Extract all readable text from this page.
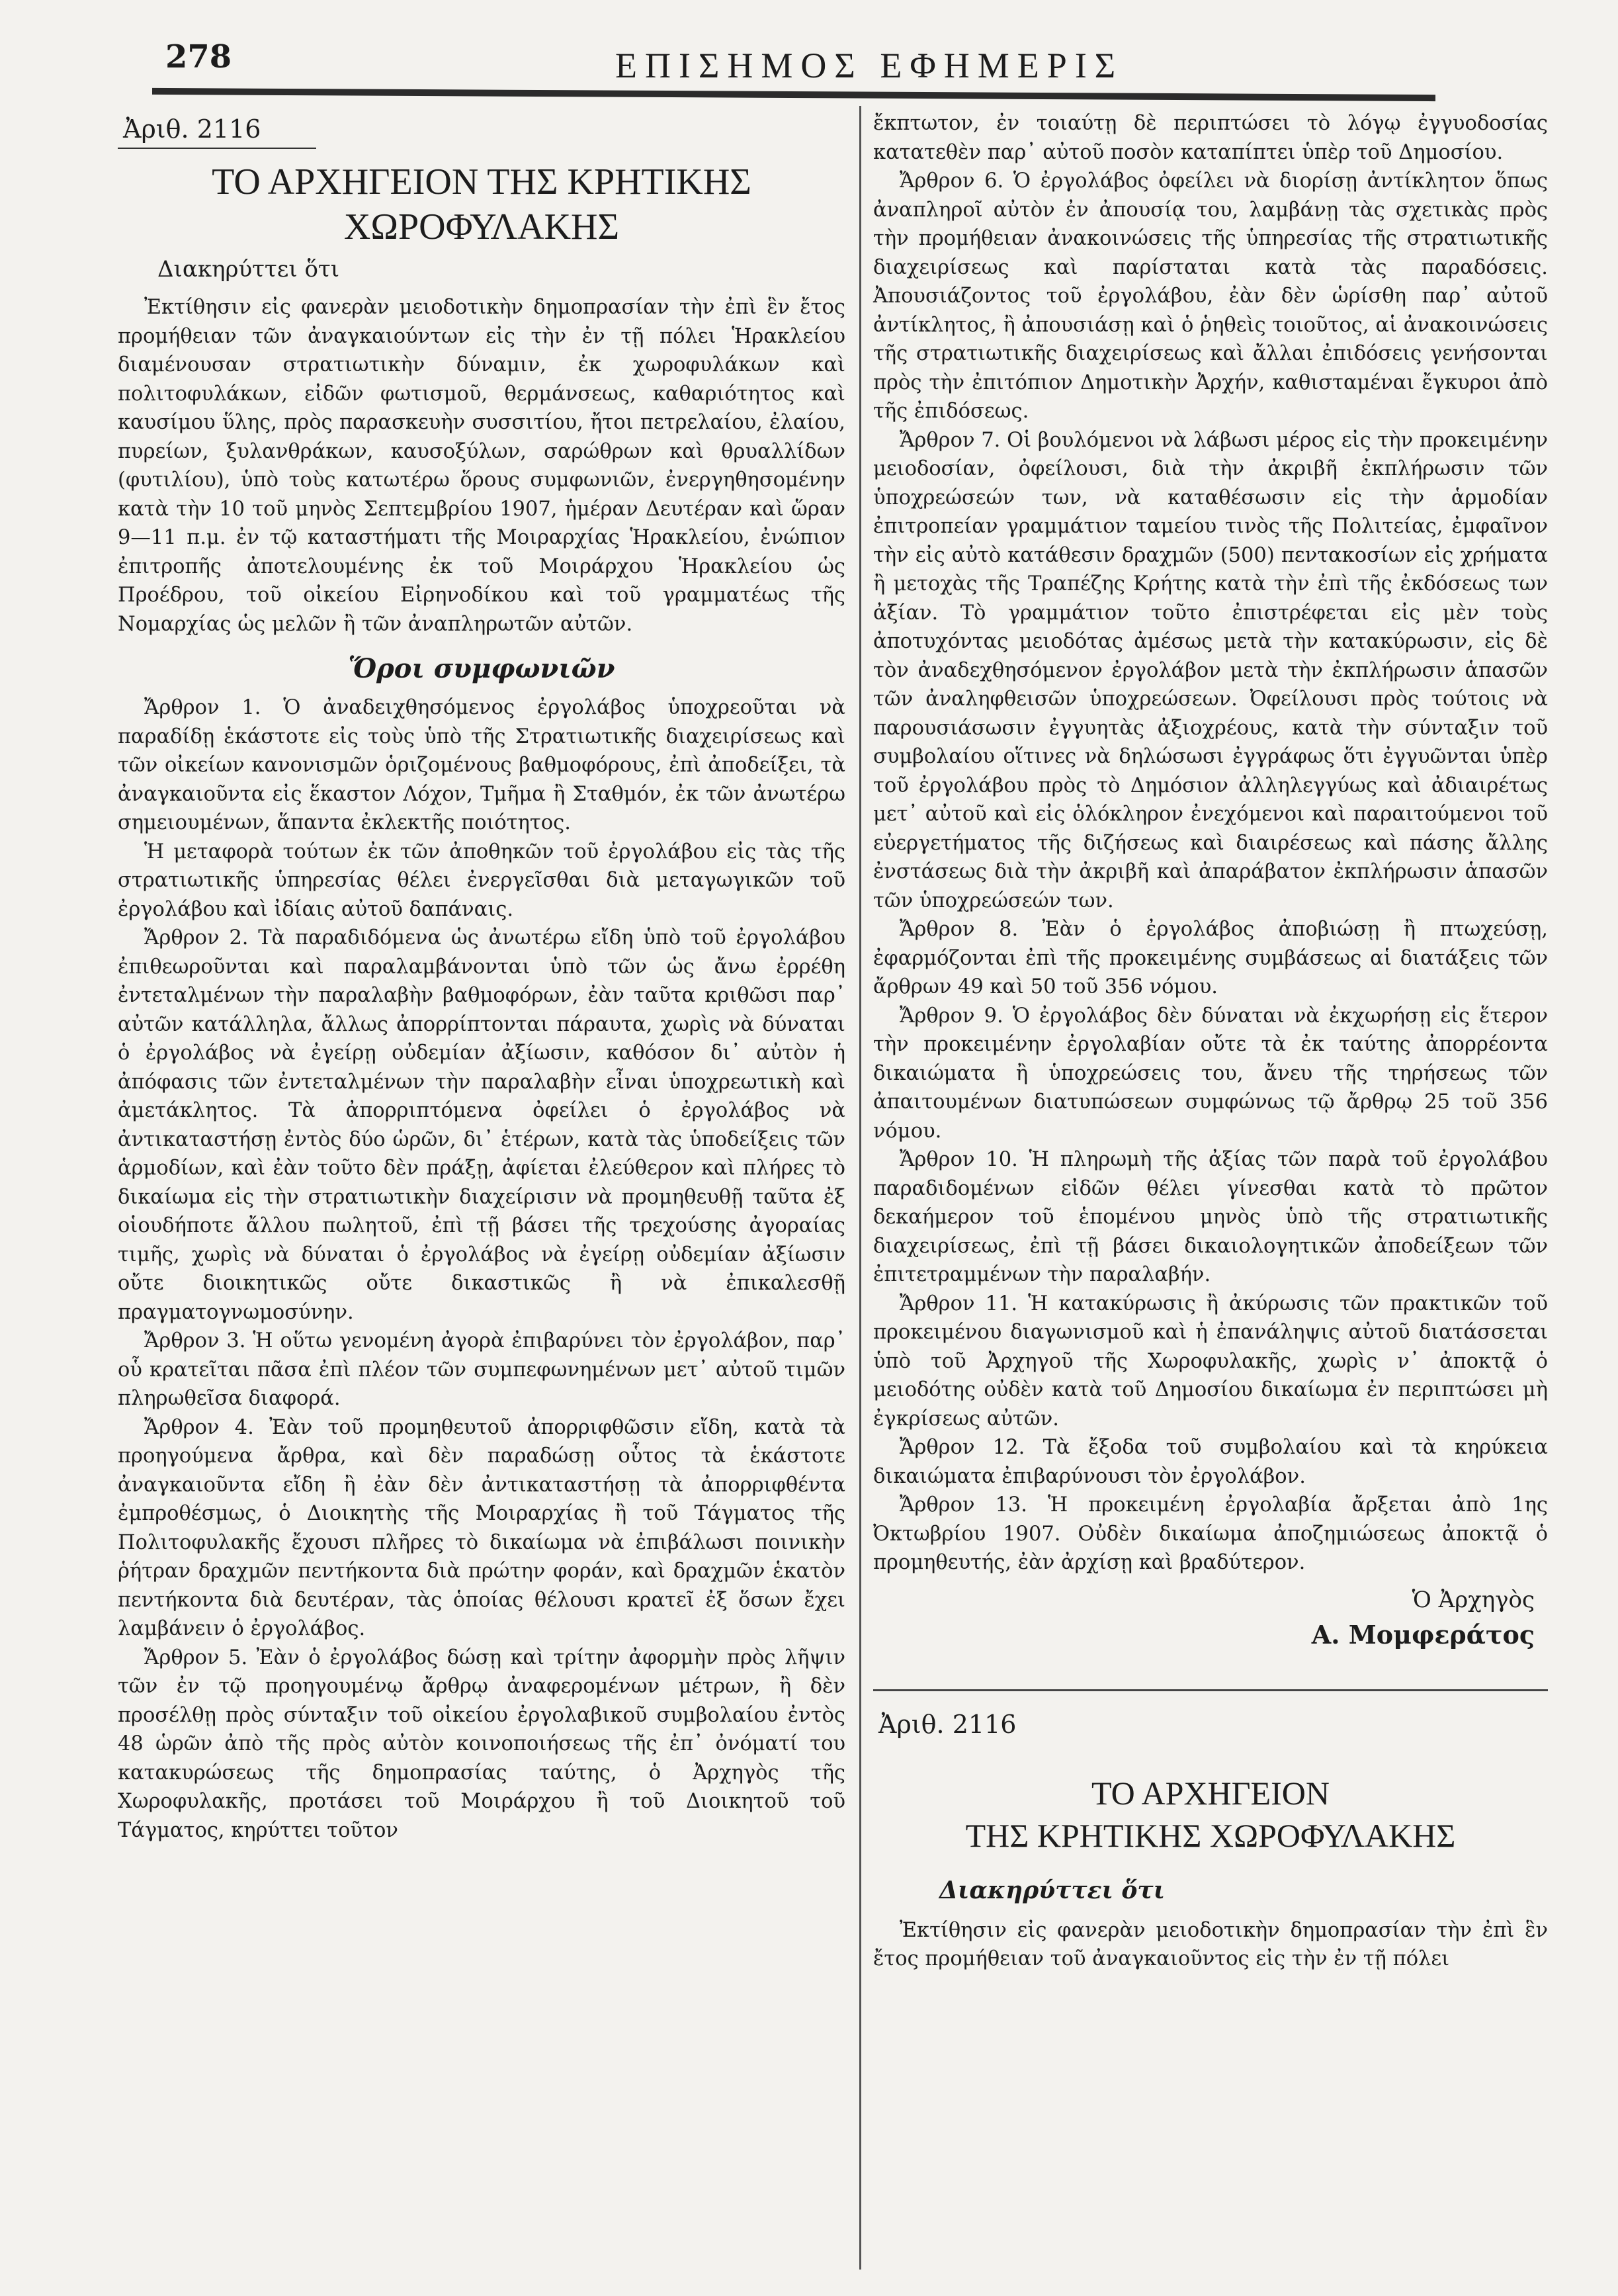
278	ΕΠΙΣΗΜΟΣ ΕΦΗΜΕΡΙΣ
Ἀριθ. 2116
ΤΟ ΑΡΧΗΓΕΙΟΝ ΤΗΣ ΚΡΗΤΙΚΗΣ
ΧΩΡΟΦΥΛΑΚΗΣ
Διακηρύττει ὅτι

Ἐκτίθησιν εἰς φανερὰν μειοδοτικὴν δημοπρασίαν τὴν ἐπὶ ἓν ἔτος προμήθειαν τῶν ἀναγκαιούντων εἰς τὴν ἐν τῇ πόλει Ἡρακλείου διαμένουσαν στρατιωτικὴν δύναμιν, ἐκ χωροφυλάκων καὶ πολιτοφυλάκων, εἰδῶν φωτισμοῦ, θερμάνσεως, καθαριότητος καὶ καυσίμου ὕλης, πρὸς παρασκευὴν συσσιτίου, ἤτοι πετρελαίου, ἐλαίου, πυρείων, ξυλανθράκων, καυσοξύλων, σαρώθρων καὶ θρυαλλίδων (φυτιλίου), ὑπὸ τοὺς κατωτέρω ὅρους συμφωνιῶν, ἐνεργηθησομένην κατὰ τὴν 10 τοῦ μηνὸς Σεπτεμβρίου 1907, ἡμέραν Δευτέραν καὶ ὥραν 9—11 π.μ. ἐν τῷ καταστήματι τῆς Μοιραρχίας Ἡρακλείου, ἐνώπιον ἐπιτροπῆς ἀποτελουμένης ἐκ τοῦ Μοιράρχου Ἡρακλείου ὡς Προέδρου, τοῦ οἰκείου Εἰρηνοδίκου καὶ τοῦ γραμματέως τῆς Νομαρχίας ὡς μελῶν ἢ τῶν ἀναπληρωτῶν αὐτῶν.

Ὅροι συμφωνιῶν

Ἄρθρον 1. Ὁ ἀναδειχθησόμενος ἐργολάβος ὑποχρεοῦται νὰ παραδίδῃ ἑκάστοτε εἰς τοὺς ὑπὸ τῆς Στρατιωτικῆς διαχειρίσεως καὶ τῶν οἰκείων κανονισμῶν ὁριζομένους βαθμοφόρους, ἐπὶ ἀποδείξει, τὰ ἀναγκαιοῦντα εἰς ἕκαστον Λόχον, Τμῆμα ἢ Σταθμόν, ἐκ τῶν ἀνωτέρω σημειουμένων, ἅπαντα ἐκλεκτῆς ποιότητος.

Ἡ μεταφορὰ τούτων ἐκ τῶν ἀποθηκῶν τοῦ ἐργολάβου εἰς τὰς τῆς στρατιωτικῆς ὑπηρεσίας θέλει ἐνεργεῖσθαι διὰ μεταγωγικῶν τοῦ ἐργολάβου καὶ ἰδίαις αὐτοῦ δαπάναις.

Ἄρθρον 2. Τὰ παραδιδόμενα ὡς ἀνωτέρω εἴδη ὑπὸ τοῦ ἐργολάβου ἐπιθεωροῦνται καὶ παραλαμβάνονται ὑπὸ τῶν ὡς ἄνω ἐρρέθη ἐντεταλμένων τὴν παραλαβὴν βαθμοφόρων, ἐὰν ταῦτα κριθῶσι παρ᾽ αὐτῶν κατάλληλα, ἄλλως ἀπορρίπτονται πάραυτα, χωρὶς νὰ δύναται ὁ ἐργολάβος νὰ ἐγείρῃ οὐδεμίαν ἀξίωσιν, καθόσον δι᾽ αὐτὸν ἡ ἀπόφασις τῶν ἐντεταλμένων τὴν παραλαβὴν εἶναι ὑποχρεωτικὴ καὶ ἀμετάκλητος. Τὰ ἀπορριπτόμενα ὀφείλει ὁ ἐργολάβος νὰ ἀντικαταστήσῃ ἐντὸς δύο ὡρῶν, δι᾽ ἑτέρων, κατὰ τὰς ὑποδείξεις τῶν ἁρμοδίων, καὶ ἐὰν τοῦτο δὲν πράξῃ, ἀφίεται ἐλεύθερον καὶ πλήρες τὸ δικαίωμα εἰς τὴν στρατιωτικὴν διαχείρισιν νὰ προμηθευθῇ ταῦτα ἐξ οἱουδήποτε ἄλλου πωλητοῦ, ἐπὶ τῇ βάσει τῆς τρεχούσης ἀγοραίας τιμῆς, χωρὶς νὰ δύναται ὁ ἐργολάβος νὰ ἐγείρῃ οὐδεμίαν ἀξίωσιν οὔτε διοικητικῶς οὔτε δικαστικῶς ἢ νὰ ἐπικαλεσθῇ πραγματογνωμοσύνην.

Ἄρθρον 3. Ἡ οὕτω γενομένη ἀγορὰ ἐπιβαρύνει τὸν ἐργολάβον, παρ᾽ οὗ κρατεῖται πᾶσα ἐπὶ πλέον τῶν συμπεφωνημένων μετ᾽ αὐτοῦ τιμῶν πληρωθεῖσα διαφορά.

Ἄρθρον 4. Ἐὰν τοῦ προμηθευτοῦ ἀπορριφθῶσιν εἴδη, κατὰ τὰ προηγούμενα ἄρθρα, καὶ δὲν παραδώσῃ οὗτος τὰ ἑκάστοτε ἀναγκαιοῦντα εἴδη ἢ ἐὰν δὲν ἀντικαταστήσῃ τὰ ἀπορριφθέντα ἐμπροθέσμως, ὁ Διοικητὴς τῆς Μοιραρχίας ἢ τοῦ Τάγματος τῆς Πολιτοφυλακῆς ἔχουσι πλῆρες τὸ δικαίωμα νὰ ἐπιβάλωσι ποινικὴν ῥήτραν δραχμῶν πεντήκοντα διὰ πρώτην φοράν, καὶ δραχμῶν ἑκατὸν πεντήκοντα διὰ δευτέραν, τὰς ὁποίας θέλουσι κρατεῖ ἐξ ὅσων ἔχει λαμβάνειν ὁ ἐργολάβος.

Ἄρθρον 5. Ἐὰν ὁ ἐργολάβος δώσῃ καὶ τρίτην ἀφορμὴν πρὸς λῆψιν τῶν ἐν τῷ προηγουμένῳ ἄρθρῳ ἀναφερομένων μέτρων, ἢ δὲν προσέλθῃ πρὸς σύνταξιν τοῦ οἰκείου ἐργολαβικοῦ συμβολαίου ἐντὸς 48 ὡρῶν ἀπὸ τῆς πρὸς αὐτὸν κοινοποιήσεως τῆς ἐπ᾽ ὀνόματί του κατακυρώσεως τῆς δημοπρασίας ταύτης, ὁ Ἀρχηγὸς τῆς Χωροφυλακῆς, προτάσει τοῦ Μοιράρχου ἢ τοῦ Διοικητοῦ τοῦ Τάγματος, κηρύττει τοῦτον

ἔκπτωτον, ἐν τοιαύτῃ δὲ περιπτώσει τὸ λόγῳ ἐγγυοδοσίας κατατεθὲν παρ᾽ αὐτοῦ ποσὸν καταπίπτει ὑπὲρ τοῦ Δημοσίου.

Ἄρθρον 6. Ὁ ἐργολάβος ὀφείλει νὰ διορίσῃ ἀντίκλητον ὅπως ἀναπληροῖ αὐτὸν ἐν ἀπουσίᾳ του, λαμβάνῃ τὰς σχετικὰς πρὸς τὴν προμήθειαν ἀνακοινώσεις τῆς ὑπηρεσίας τῆς στρατιωτικῆς διαχειρίσεως καὶ παρίσταται κατὰ τὰς παραδόσεις. Ἀπουσιάζοντος τοῦ ἐργολάβου, ἐὰν δὲν ὡρίσθη παρ᾽ αὐτοῦ ἀντίκλητος, ἢ ἀπουσιάσῃ καὶ ὁ ῥηθεὶς τοιοῦτος, αἱ ἀνακοινώσεις τῆς στρατιωτικῆς διαχειρίσεως καὶ ἄλλαι ἐπιδόσεις γενήσονται πρὸς τὴν ἐπιτόπιον Δημοτικὴν Ἀρχήν, καθισταμέναι ἔγκυροι ἀπὸ τῆς ἐπιδόσεως.

Ἄρθρον 7. Οἱ βουλόμενοι νὰ λάβωσι μέρος εἰς τὴν προκειμένην μειοδοσίαν, ὀφείλουσι, διὰ τὴν ἀκριβῆ ἐκπλήρωσιν τῶν ὑποχρεώσεών των, νὰ καταθέσωσιν εἰς τὴν ἁρμοδίαν ἐπιτροπείαν γραμμάτιον ταμείου τινὸς τῆς Πολιτείας, ἐμφαῖνον τὴν εἰς αὐτὸ κατάθεσιν δραχμῶν (500) πεντακοσίων εἰς χρήματα ἢ μετοχὰς τῆς Τραπέζης Κρήτης κατὰ τὴν ἐπὶ τῆς ἐκδόσεως των ἀξίαν. Τὸ γραμμάτιον τοῦτο ἐπιστρέφεται εἰς μὲν τοὺς ἀποτυχόντας μειοδότας ἀμέσως μετὰ τὴν κατακύρωσιν, εἰς δὲ τὸν ἀναδεχθησόμενον ἐργολάβον μετὰ τὴν ἐκπλήρωσιν ἁπασῶν τῶν ἀναληφθεισῶν ὑποχρεώσεων. Ὀφείλουσι πρὸς τούτοις νὰ παρουσιάσωσιν ἐγγυητὰς ἀξιοχρέους, κατὰ τὴν σύνταξιν τοῦ συμβολαίου οἵτινες νὰ δηλώσωσι ἐγγράφως ὅτι ἐγγυῶνται ὑπὲρ τοῦ ἐργολάβου πρὸς τὸ Δημόσιον ἀλληλεγγύως καὶ ἀδιαιρέτως μετ᾽ αὐτοῦ καὶ εἰς ὁλόκληρον ἐνεχόμενοι καὶ παραιτούμενοι τοῦ εὐεργετήματος τῆς διζήσεως καὶ διαιρέσεως καὶ πάσης ἄλλης ἐνστάσεως διὰ τὴν ἀκριβῆ καὶ ἀπαράβατον ἐκπλήρωσιν ἁπασῶν τῶν ὑποχρεώσεών των.

Ἄρθρον 8. Ἐὰν ὁ ἐργολάβος ἀποβιώσῃ ἢ πτωχεύσῃ, ἐφαρμόζονται ἐπὶ τῆς προκειμένης συμβάσεως αἱ διατάξεις τῶν ἄρθρων 49 καὶ 50 τοῦ 356 νόμου.

Ἄρθρον 9. Ὁ ἐργολάβος δὲν δύναται νὰ ἐκχωρήσῃ εἰς ἕτερον τὴν προκειμένην ἐργολαβίαν οὔτε τὰ ἐκ ταύτης ἀπορρέοντα δικαιώματα ἢ ὑποχρεώσεις του, ἄνευ τῆς τηρήσεως τῶν ἀπαιτουμένων διατυπώσεων συμφώνως τῷ ἄρθρῳ 25 τοῦ 356 νόμου.

Ἄρθρον 10. Ἡ πληρωμὴ τῆς ἀξίας τῶν παρὰ τοῦ ἐργολάβου παραδιδομένων εἰδῶν θέλει γίνεσθαι κατὰ τὸ πρῶτον δεκαήμερον τοῦ ἑπομένου μηνὸς ὑπὸ τῆς στρατιωτικῆς διαχειρίσεως, ἐπὶ τῇ βάσει δικαιολογητικῶν ἀποδείξεων τῶν ἐπιτετραμμένων τὴν παραλαβήν.

Ἄρθρον 11. Ἡ κατακύρωσις ἢ ἀκύρωσις τῶν πρακτικῶν τοῦ προκειμένου διαγωνισμοῦ καὶ ἡ ἐπανάληψις αὐτοῦ διατάσσεται ὑπὸ τοῦ Ἀρχηγοῦ τῆς Χωροφυλακῆς, χωρὶς ν᾽ ἀποκτᾷ ὁ μειοδότης οὐδὲν κατὰ τοῦ Δημοσίου δικαίωμα ἐν περιπτώσει μὴ ἐγκρίσεως αὐτῶν.

Ἄρθρον 12. Τὰ ἔξοδα τοῦ συμβολαίου καὶ τὰ κηρύκεια δικαιώματα ἐπιβαρύνουσι τὸν ἐργολάβον.

Ἄρθρον 13. Ἡ προκειμένη ἐργολαβία ἄρξεται ἀπὸ 1ης Ὀκτωβρίου 1907. Οὐδὲν δικαίωμα ἀποζημιώσεως ἀποκτᾷ ὁ προμηθευτής, ἐὰν ἀρχίσῃ καὶ βραδύτερον.

Ὁ Ἀρχηγὸς
Α. Μομφεράτος
Ἀριθ. 2116
ΤΟ ΑΡΧΗΓΕΙΟΝ
ΤΗΣ ΚΡΗΤΙΚΗΣ ΧΩΡΟΦΥΛΑΚΗΣ
Διακηρύττει ὅτι

Ἐκτίθησιν εἰς φανερὰν μειοδοτικὴν δημοπρασίαν τὴν ἐπὶ ἓν ἔτος προμήθειαν τοῦ ἀναγκαιοῦντος εἰς τὴν ἐν τῇ πόλει
